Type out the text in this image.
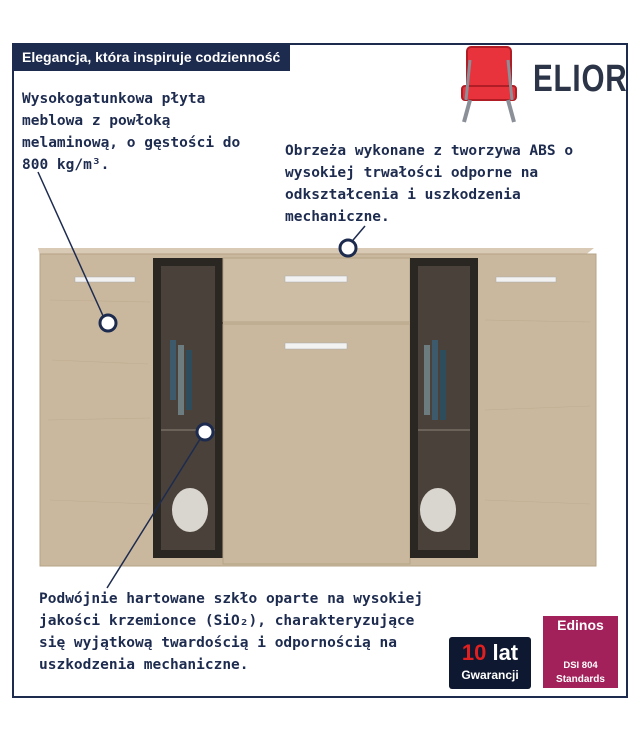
Elegancja, która inspiruje codzienność
ELIOR
Wysokogatunkowa płyta meblowa z powłoką melaminową, o gęstości do 800 kg/m³.
Obrzeża wykonane z tworzywa ABS o wysokiej trwałości odporne na odkształcenia i uszkodzenia mechaniczne.
Podwójnie hartowane szkło oparte na wysokiej jakości krzemionce (SiO₂), charakteryzujące się wyjątkową twardością i odpornością na uszkodzenia mechaniczne.	10 lat
Gwarancji
Edinos
DSI 804
Standards
